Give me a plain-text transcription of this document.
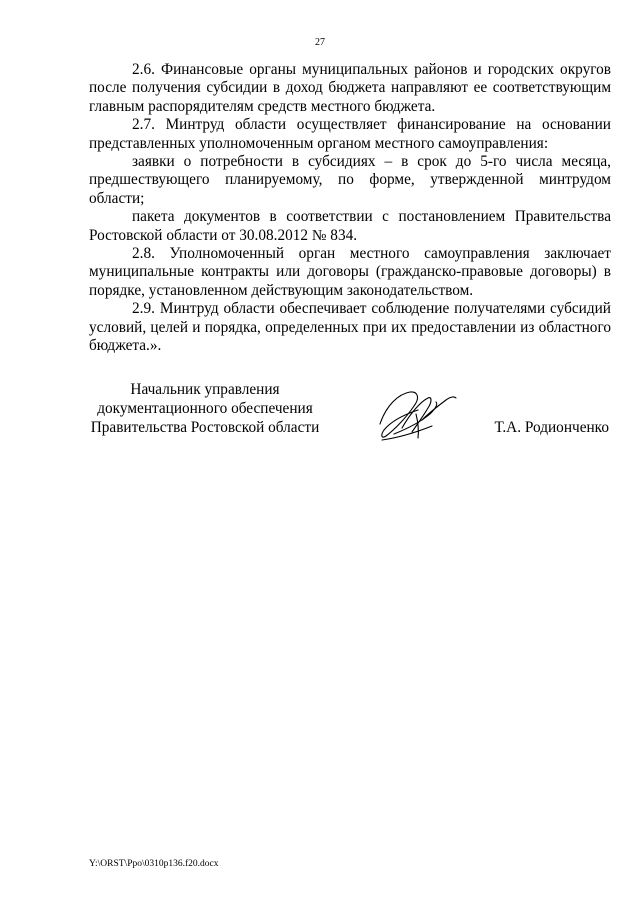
27

2.6. Финансовые органы муниципальных районов и городских округов после получения субсидии в доход бюджета направляют ее соответствующим главным распорядителям средств местного бюджета.

2.7. Минтруд области осуществляет финансирование на основании представленных уполномоченным органом местного самоуправления:

заявки о потребности в субсидиях – в срок до 5-го числа месяца, предшествующего планируемому, по форме, утвержденной минтрудом области;

пакета документов в соответствии с постановлением Правительства Ростовской области от 30.08.2012 № 834.

2.8. Уполномоченный орган местного самоуправления заключает муниципальные контракты или договоры (гражданско-правовые договоры) в порядке, установленном действующим законодательством.

2.9. Минтруд области обеспечивает соблюдение получателями субсидий условий, целей и порядка, определенных при их предоставлении из областного бюджета.».

Начальник управления
документационного обеспечения
Правительства Ростовской области	Т.А. Родионченко
Y:\ORST\Ppo\0310p136.f20.docx
